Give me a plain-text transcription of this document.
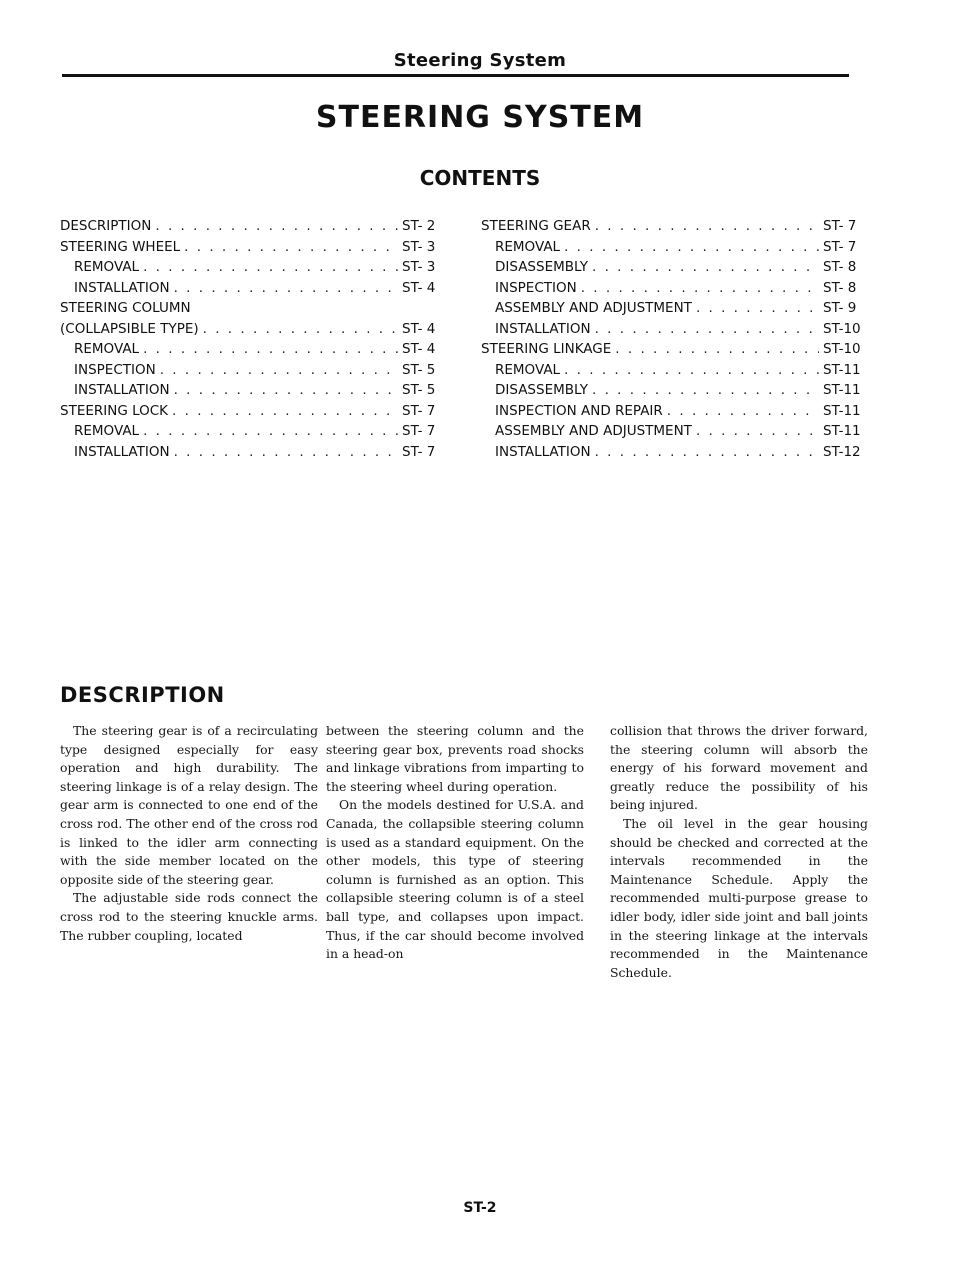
Steering System
STEERING SYSTEM
CONTENTS
DESCRIPTION . . .	ST- 2
STEERING WHEEL . . .	ST- 3
REMOVAL . . .	ST- 3
INSTALLATION . . .	ST- 4
STEERING COLUMN
(COLLAPSIBLE TYPE) . . .	ST- 4
REMOVAL . . .	ST- 4
INSPECTION . . .	ST- 5
INSTALLATION . . .	ST- 5
STEERING LOCK . . .	ST- 7
REMOVAL . . .	ST- 7
INSTALLATION . . .	ST- 7
STEERING GEAR . . .	ST- 7
REMOVAL . . .	ST- 7
DISASSEMBLY . . .	ST- 8
INSPECTION . . .	ST- 8
ASSEMBLY AND ADJUSTMENT . . .	ST- 9
INSTALLATION . . .	ST-10
STEERING LINKAGE . . .	ST-10
REMOVAL . . .	ST-11
DISASSEMBLY . . .	ST-11
INSPECTION AND REPAIR . . .	ST-11
ASSEMBLY AND ADJUSTMENT . . .	ST-11
INSTALLATION . . .	ST-12
DESCRIPTION

The steering gear is of a recirculating type designed especially for easy operation and high durability. The steering linkage is of a relay design. The gear arm is connected to one end of the cross rod. The other end of the cross rod is linked to the idler arm connecting with the side member located on the opposite side of the steering gear.

The adjustable side rods connect the cross rod to the steering knuckle arms. The rubber coupling, located

between the steering column and the steering gear box, prevents road shocks and linkage vibrations from imparting to the steering wheel during operation.

On the models destined for U.S.A. and Canada, the collapsible steering column is used as a standard equipment. On the other models, this type of steering column is furnished as an option. This collapsible steering column is of a steel ball type, and collapses upon impact. Thus, if the car should become involved in a head-on

collision that throws the driver forward, the steering column will absorb the energy of his forward movement and greatly reduce the possibility of his being injured.

The oil level in the gear housing should be checked and corrected at the intervals recommended in the Maintenance Schedule. Apply the recommended multi-purpose grease to idler body, idler side joint and ball joints in the steering linkage at the intervals recommended in the Maintenance Schedule.

ST-2
